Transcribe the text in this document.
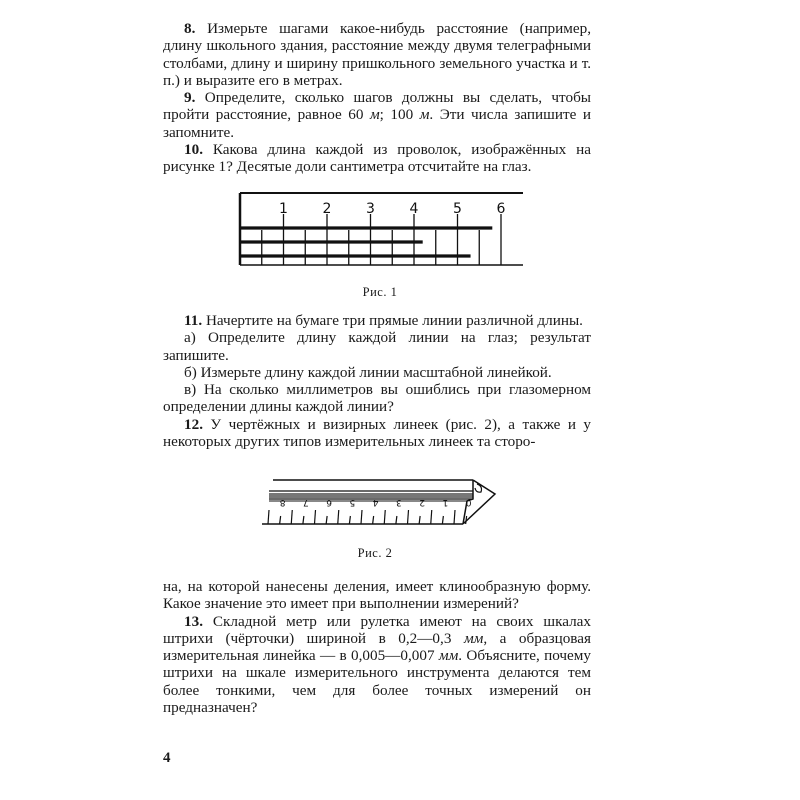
8. Измерьте шагами какое-нибудь расстояние (например, длину школьного здания, расстояние между двумя телеграфными столбами, длину и ширину пришкольного земельного участка и т. п.) и выразите его в метрах.

9. Определите, сколько шагов должны вы сделать, чтобы пройти расстояние, равное 60 м; 100 м. Эти числа запишите и запомните.

10. Какова длина каждой из проволок, изображённых на рисунке 1? Десятые доли сантиметра отсчитайте на глаз.

1 2 3 4 5 6
Рис. 1

11. Начертите на бумаге три прямые линии различной длины.

а) Определите длину каждой линии на глаз; результат запишите.

б) Измерьте длину каждой линии масштабной линейкой.

в) На сколько миллиметров вы ошиблись при глазомерном определении длины каждой линии?

12. У чертёжных и визирных линеек (рис. 2), а также и у некоторых других типов измерительных линеек та сторо-

8 7 6 5 4 3 2 1 0
Рис. 2

на, на которой нанесены деления, имеет клинообразную форму. Какое значение это имеет при выполнении измерений?

13. Складной метр или рулетка имеют на своих шкалах штрихи (чёрточки) шириной в 0,2—0,3 мм, а образцовая измерительная линейка — в 0,005—0,007 мм. Объясните, почему штрихи на шкале измерительного инструмента делаются тем более тонкими, чем для более точных измерений он предназначен?

4
